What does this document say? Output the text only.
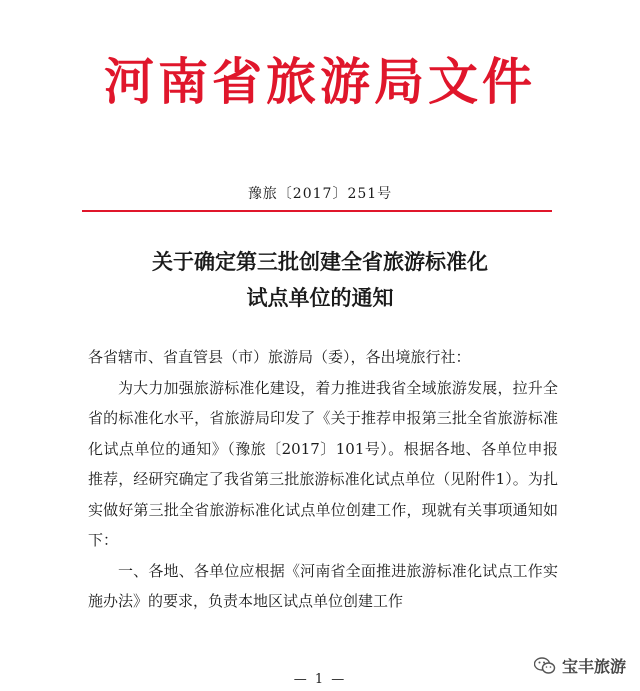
河南省旅游局文件
豫旅〔2017〕251号
关于确定第三批创建全省旅游标准化
试点单位的通知

各省辖市、省直管县（市）旅游局（委），各出境旅行社：

为大力加强旅游标准化建设，着力推进我省全域旅游发展，拉升全省的标准化水平，省旅游局印发了《关于推荐申报第三批全省旅游标准化试点单位的通知》（豫旅〔2017〕101号）。根据各地、各单位申报推荐，经研究确定了我省第三批旅游标准化试点单位（见附件1）。为扎实做好第三批全省旅游标准化试点单位创建工作，现就有关事项通知如下：

一、各地、各单位应根据《河南省全面推进旅游标准化试点工作实施办法》的要求，负责本地区试点单位创建工作

宝丰旅游
— 1 —
